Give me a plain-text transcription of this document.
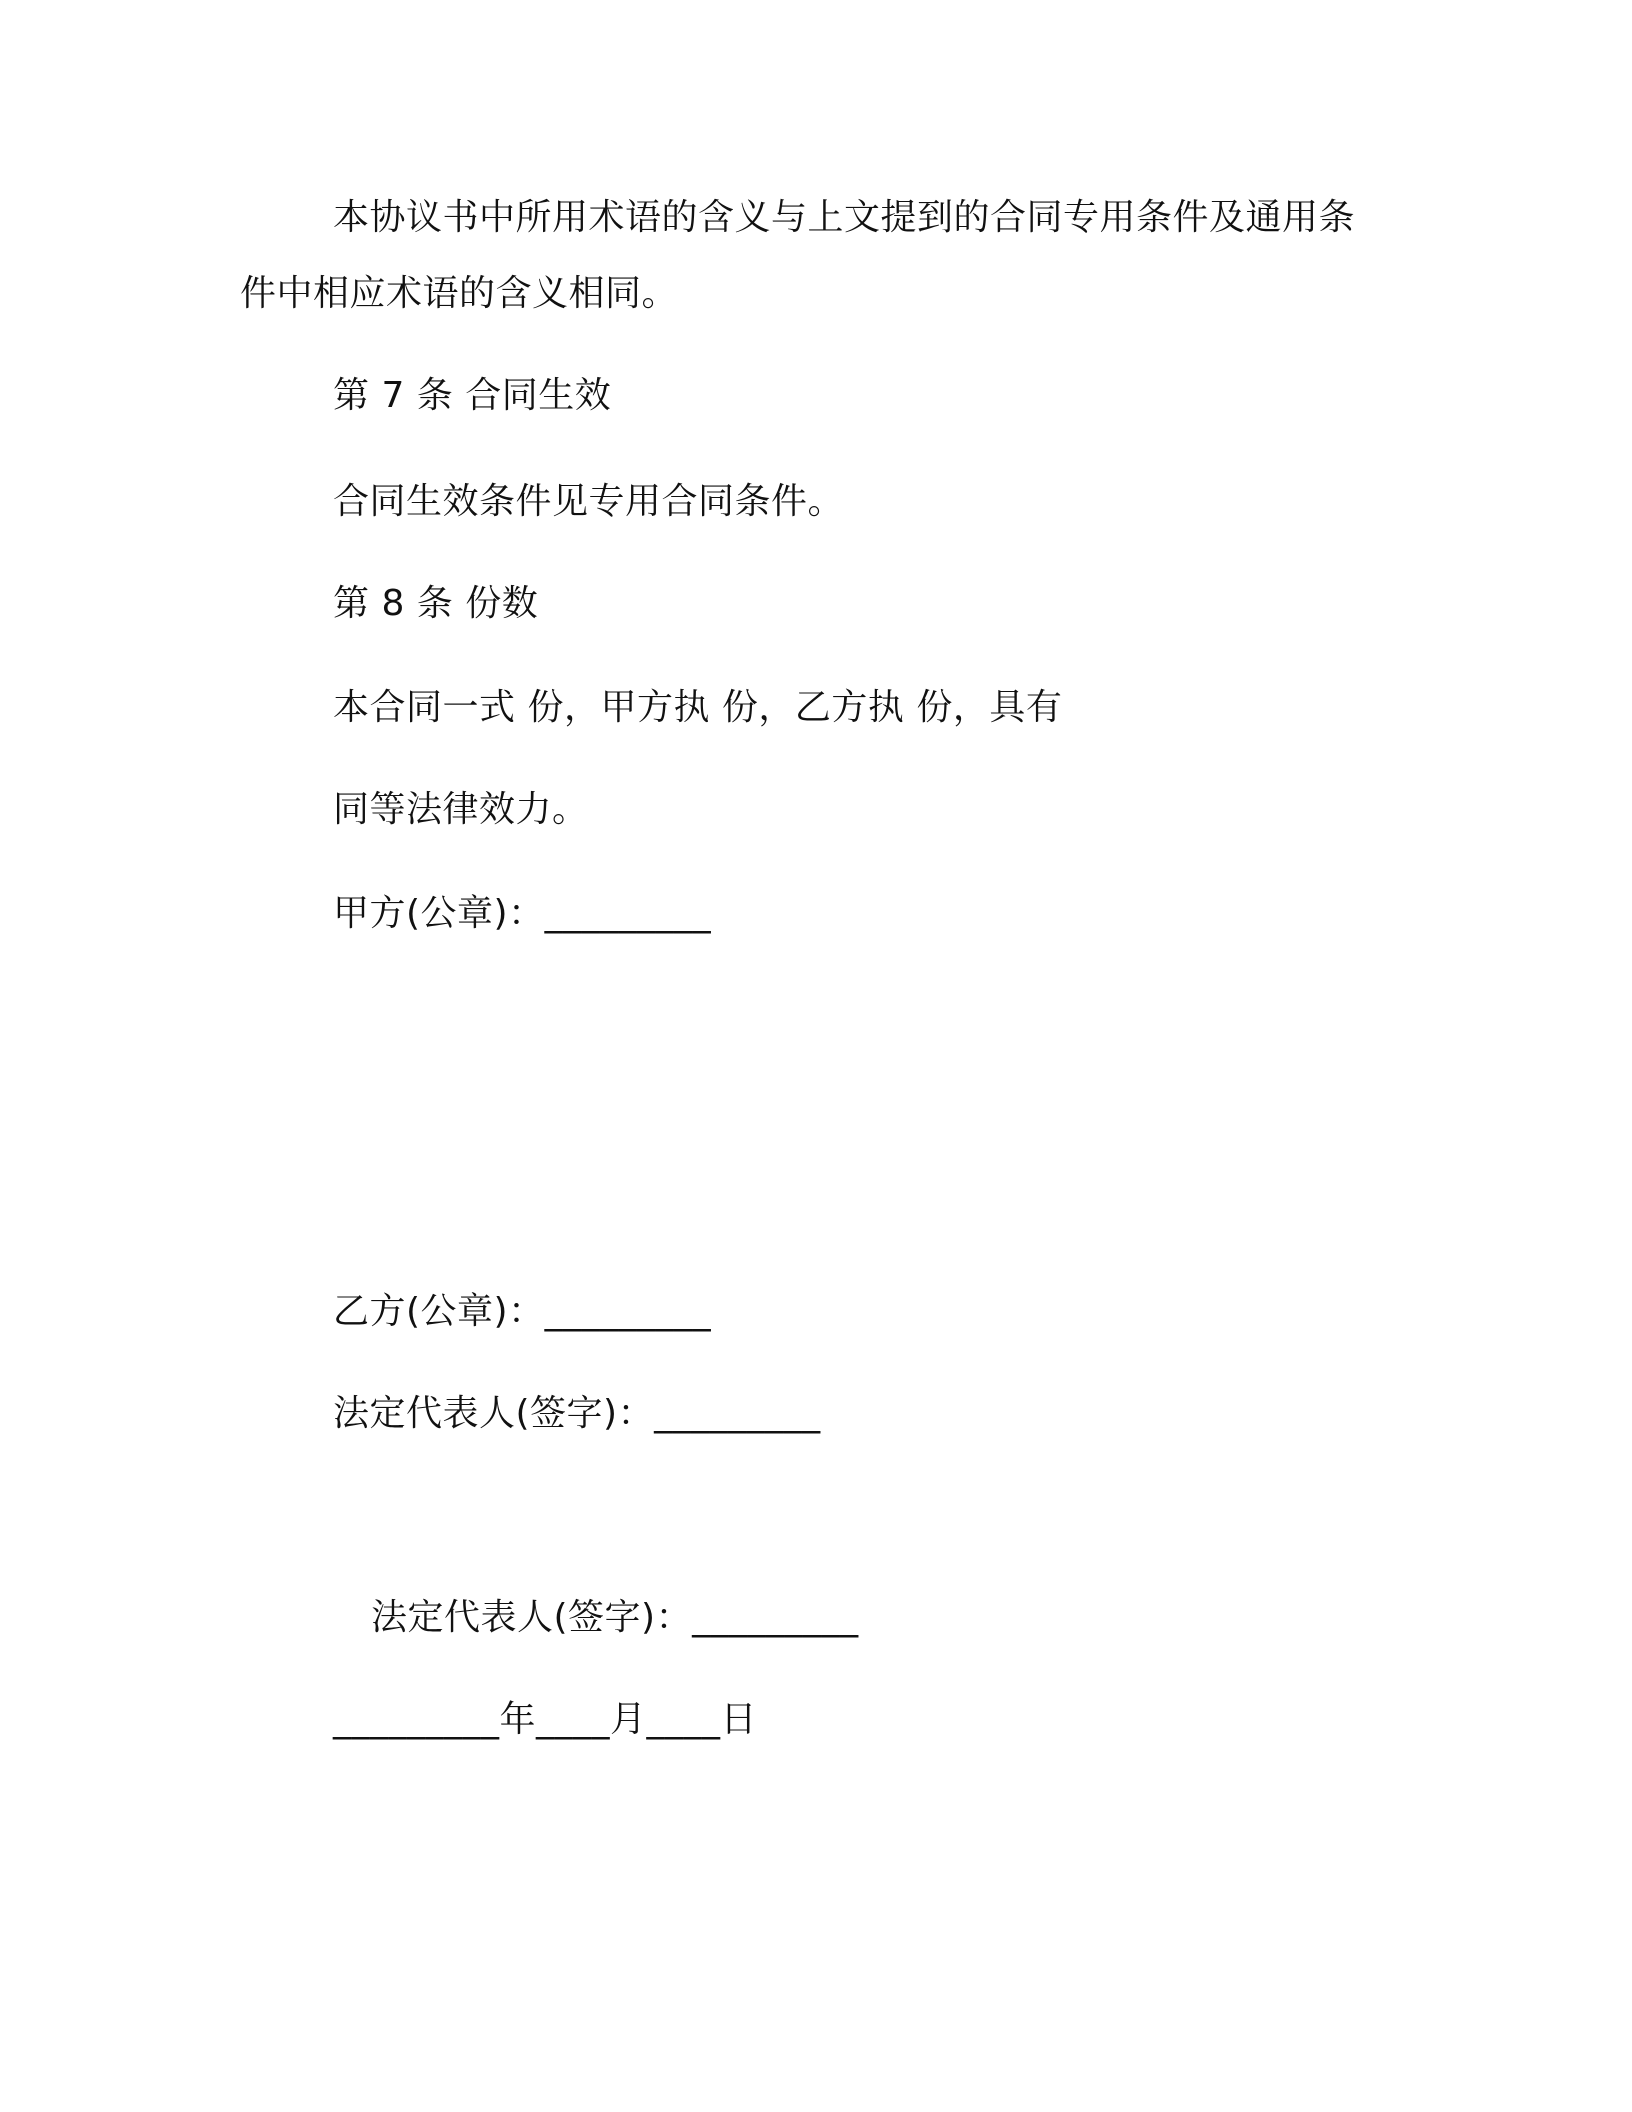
本协议书中所用术语的含义与上文提到的合同专用条件及通用条
件中相应术语的含义相同。
第 7 条 合同生效
合同生效条件见专用合同条件。
第 8 条 份数
本合同一式 份，甲方执 份，乙方执 份，具有
同等法律效力。
甲方(公章)：_________
乙方(公章)：_________
法定代表人(签字)：_________
法定代表人(签字)：_________
_________年____月____日
